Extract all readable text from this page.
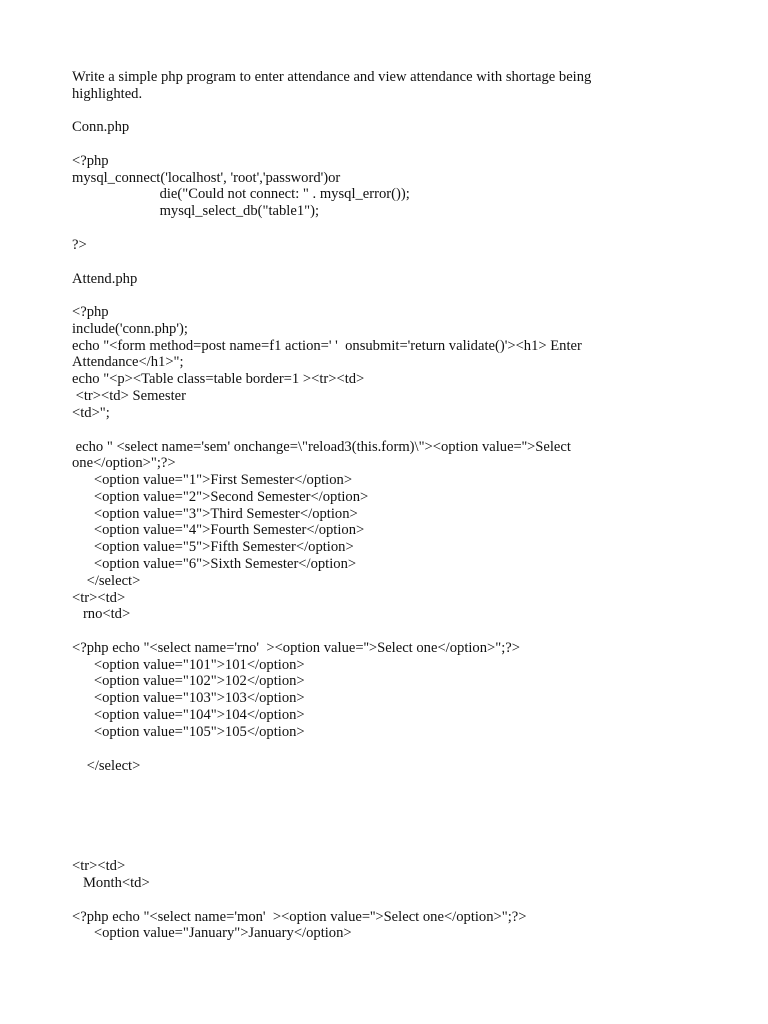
Write a simple php program to enter attendance and view attendance with shortage being
highlighted.
Conn.php
<?php
mysql_connect('localhost', 'root','password')or
die("Could not connect: " . mysql_error());
mysql_select_db("table1");
?>
Attend.php
<?php
include('conn.php');
echo "<form method=post name=f1 action=' '  onsubmit='return validate()'><h1> Enter
Attendance</h1>";
echo "<p><Table class=table border=1 ><tr><td>
<tr><td> Semester
<td>";
echo " <select name='sem' onchange=\"reload3(this.form)\"><option value=''>Select
one</option>";?>
<option value="1">First Semester</option>
<option value="2">Second Semester</option>
<option value="3">Third Semester</option>
<option value="4">Fourth Semester</option>
<option value="5">Fifth Semester</option>
<option value="6">Sixth Semester</option>
</select>
<tr><td>
rno<td>
<?php echo "<select name='rno'  ><option value=''>Select one</option>";?>
<option value="101">101</option>
<option value="102">102</option>
<option value="103">103</option>
<option value="104">104</option>
<option value="105">105</option>
</select>
<tr><td>
Month<td>
<?php echo "<select name='mon'  ><option value=''>Select one</option>";?>
<option value="January">January</option>
